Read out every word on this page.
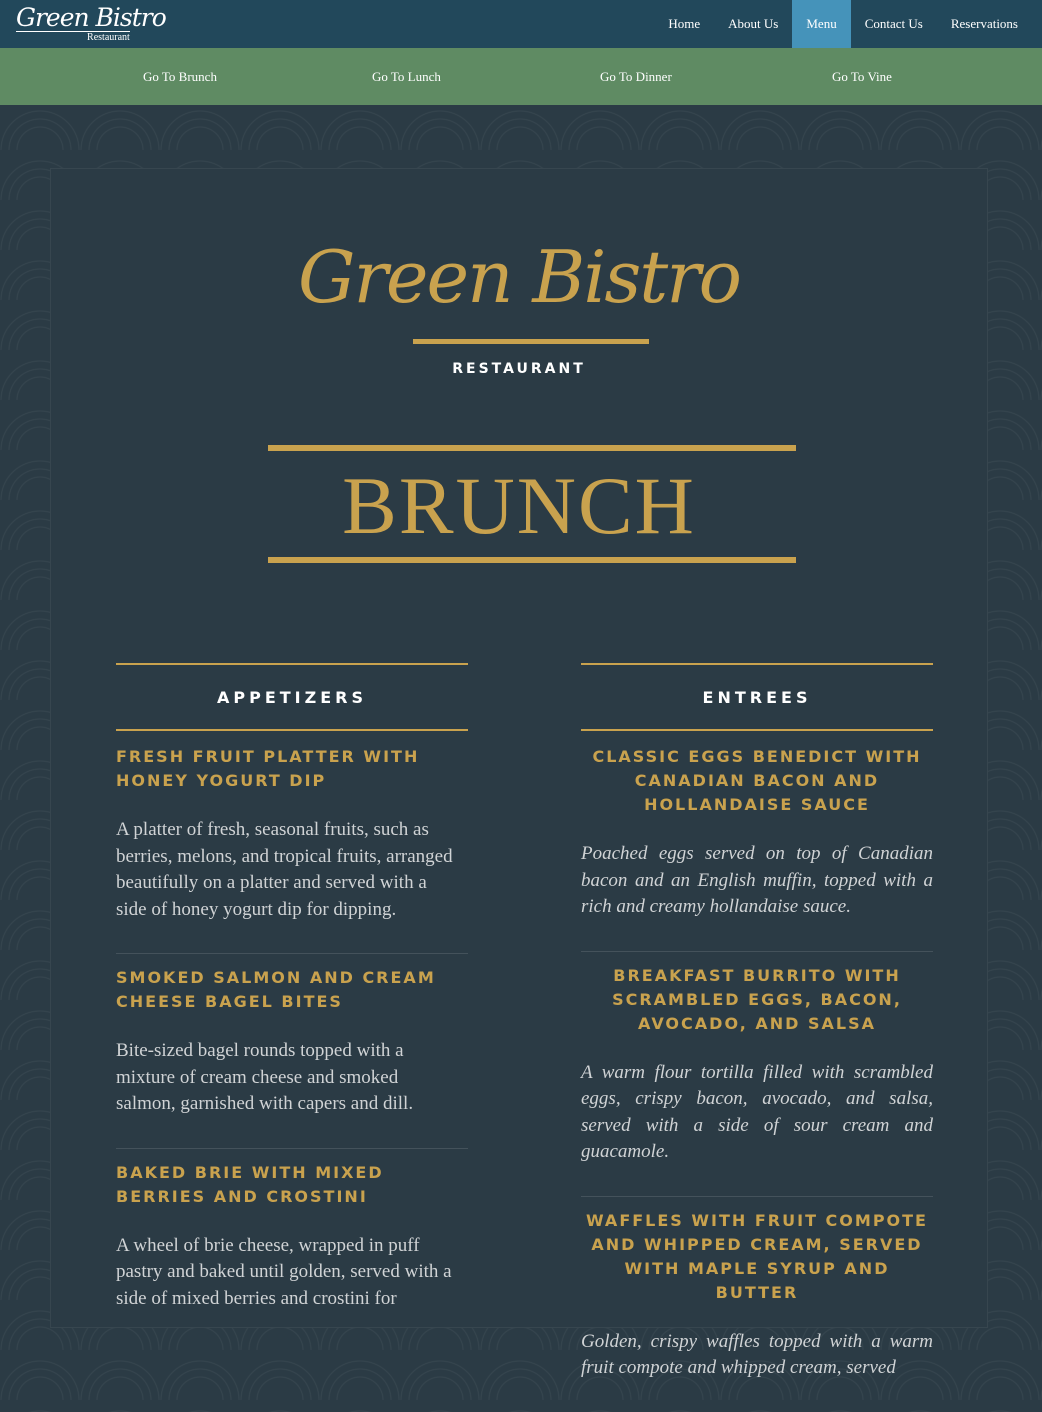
Green Bistro
Restaurant
Home	About Us	Menu	Contact Us	Reservations
Go To Brunch	Go To Lunch	Go To Dinner	Go To Vine
Green Bistro
RESTAURANT
BRUNCH
APPETIZERS
FRESH FRUIT PLATTER WITH HONEY YOGURT DIP
A platter of fresh, seasonal fruits, such as berries, melons, and tropical fruits, arranged beautifully on a platter and served with a side of honey yogurt dip for dipping.
SMOKED SALMON AND CREAM CHEESE BAGEL BITES
Bite-sized bagel rounds topped with a mixture of cream cheese and smoked salmon, garnished with capers and dill.
BAKED BRIE WITH MIXED BERRIES AND CROSTINI
A wheel of brie cheese, wrapped in puff pastry and baked until golden, served with a side of mixed berries and crostini for
ENTREES
CLASSIC EGGS BENEDICT WITH CANADIAN BACON AND HOLLANDAISE SAUCE
Poached eggs served on top of Canadian bacon and an English muffin, topped with a rich and creamy hollandaise sauce.
BREAKFAST BURRITO WITH SCRAMBLED EGGS, BACON, AVOCADO, AND SALSA
A warm flour tortilla filled with scrambled eggs, crispy bacon, avocado, and salsa, served with a side of sour cream and guacamole.
WAFFLES WITH FRUIT COMPOTE AND WHIPPED CREAM, SERVED WITH MAPLE SYRUP AND BUTTER
Golden, crispy waffles topped with a warm fruit compote and whipped cream, served
